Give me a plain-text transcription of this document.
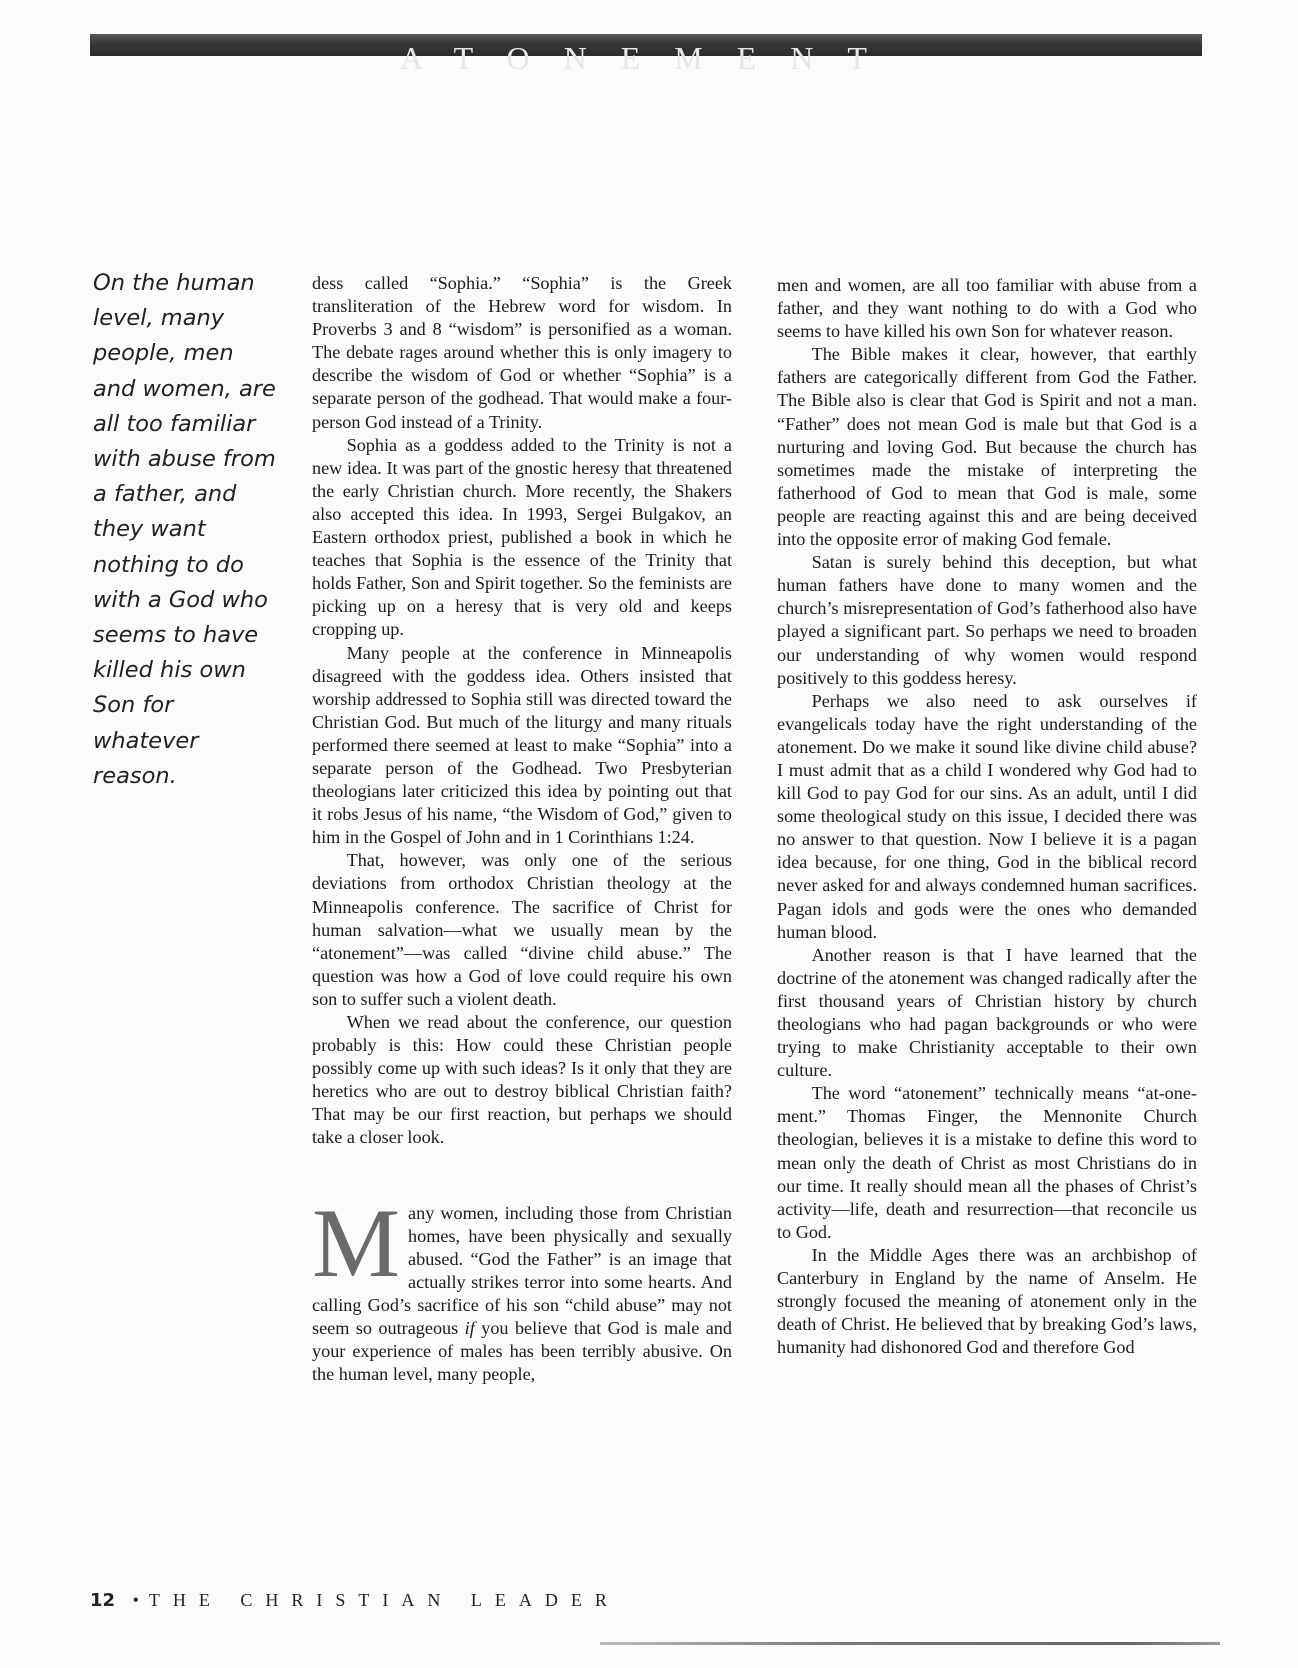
ATONEMENT

On the human level, many people, men and women, are all too familiar with abuse from a father, and they want nothing to do with a God who seems to have killed his own Son for whatever reason.

dess called “Sophia.” “Sophia” is the Greek transliteration of the Hebrew word for wisdom. In Proverbs 3 and 8 “wisdom” is personified as a woman. The debate rages around whether this is only imagery to describe the wisdom of God or whether “Sophia” is a separate person of the godhead. That would make a four-person God instead of a Trinity.

Sophia as a goddess added to the Trinity is not a new idea. It was part of the gnostic heresy that threatened the early Christian church. More recently, the Shakers also accepted this idea. In 1993, Sergei Bulgakov, an Eastern orthodox priest, published a book in which he teaches that Sophia is the essence of the Trinity that holds Father, Son and Spirit together. So the feminists are picking up on a heresy that is very old and keeps cropping up.

Many people at the conference in Minneapolis disagreed with the goddess idea. Others insisted that worship addressed to Sophia still was directed toward the Christian God. But much of the liturgy and many rituals performed there seemed at least to make “Sophia” into a separate person of the Godhead. Two Presbyterian theologians later criticized this idea by pointing out that it robs Jesus of his name, “the Wisdom of God,” given to him in the Gospel of John and in 1 Corinthians 1:24.

That, however, was only one of the serious deviations from orthodox Christian theology at the Minneapolis conference. The sacrifice of Christ for human salvation—what we usually mean by the “atonement”—was called “divine child abuse.” The question was how a God of love could require his own son to suffer such a violent death.

When we read about the conference, our question probably is this: How could these Christian people possibly come up with such ideas? Is it only that they are heretics who are out to destroy biblical Christian faith? That may be our first reaction, but perhaps we should take a closer look.

Many women, including those from Christian homes, have been physically and sexually abused. “God the Father” is an image that actually strikes terror into some hearts. And calling God’s sacrifice of his son “child abuse” may not seem so outrageous if you believe that God is male and your experience of males has been terribly abusive. On the human level, many people,

men and women, are all too familiar with abuse from a father, and they want nothing to do with a God who seems to have killed his own Son for whatever reason.

The Bible makes it clear, however, that earthly fathers are categorically different from God the Father. The Bible also is clear that God is Spirit and not a man. “Father” does not mean God is male but that God is a nurturing and loving God. But because the church has sometimes made the mistake of interpreting the fatherhood of God to mean that God is male, some people are reacting against this and are being deceived into the opposite error of making God female.

Satan is surely behind this deception, but what human fathers have done to many women and the church’s misrepresentation of God’s fatherhood also have played a significant part. So perhaps we need to broaden our understanding of why women would respond positively to this goddess heresy.

Perhaps we also need to ask ourselves if evangelicals today have the right understanding of the atonement. Do we make it sound like divine child abuse? I must admit that as a child I wondered why God had to kill God to pay God for our sins. As an adult, until I did some theological study on this issue, I decided there was no answer to that question. Now I believe it is a pagan idea because, for one thing, God in the biblical record never asked for and always condemned human sacrifices. Pagan idols and gods were the ones who demanded human blood.

Another reason is that I have learned that the doctrine of the atonement was changed radically after the first thousand years of Christian history by church theologians who had pagan backgrounds or who were trying to make Christianity acceptable to their own culture.

The word “atonement” technically means “at-one-ment.” Thomas Finger, the Mennonite Church theologian, believes it is a mistake to define this word to mean only the death of Christ as most Christians do in our time. It really should mean all the phases of Christ’s activity—life, death and resurrection—that reconcile us to God.

In the Middle Ages there was an archbishop of Canterbury in England by the name of Anselm. He strongly focused the meaning of atonement only in the death of Christ. He believed that by breaking God’s laws, humanity had dishonored God and therefore God

12 •THE CHRISTIAN LEADER
